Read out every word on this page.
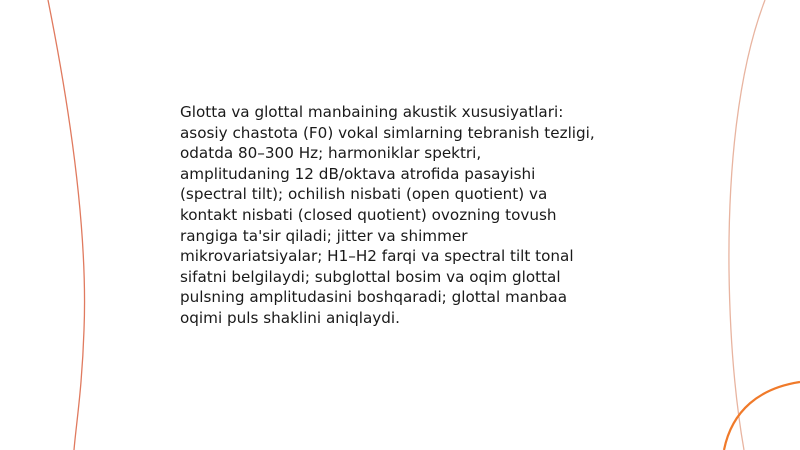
Glotta va glottal manbaining akustik xususiyatlari:
asosiy chastota (F0) vokal simlarning tebranish tezligi,
odatda 80–300 Hz; harmoniklar spektri,
amplitudaning 12 dB/oktava atrofida pasayishi
(spectral tilt); ochilish nisbati (open quotient) va
kontakt nisbati (closed quotient) ovozning tovush
rangiga ta'sir qiladi; jitter va shimmer
mikrovariatsiyalar; H1–H2 farqi va spectral tilt tonal
sifatni belgilaydi; subglottal bosim va oqim glottal
pulsning amplitudasini boshqaradi; glottal manbaa
oqimi puls shaklini aniqlaydi.
